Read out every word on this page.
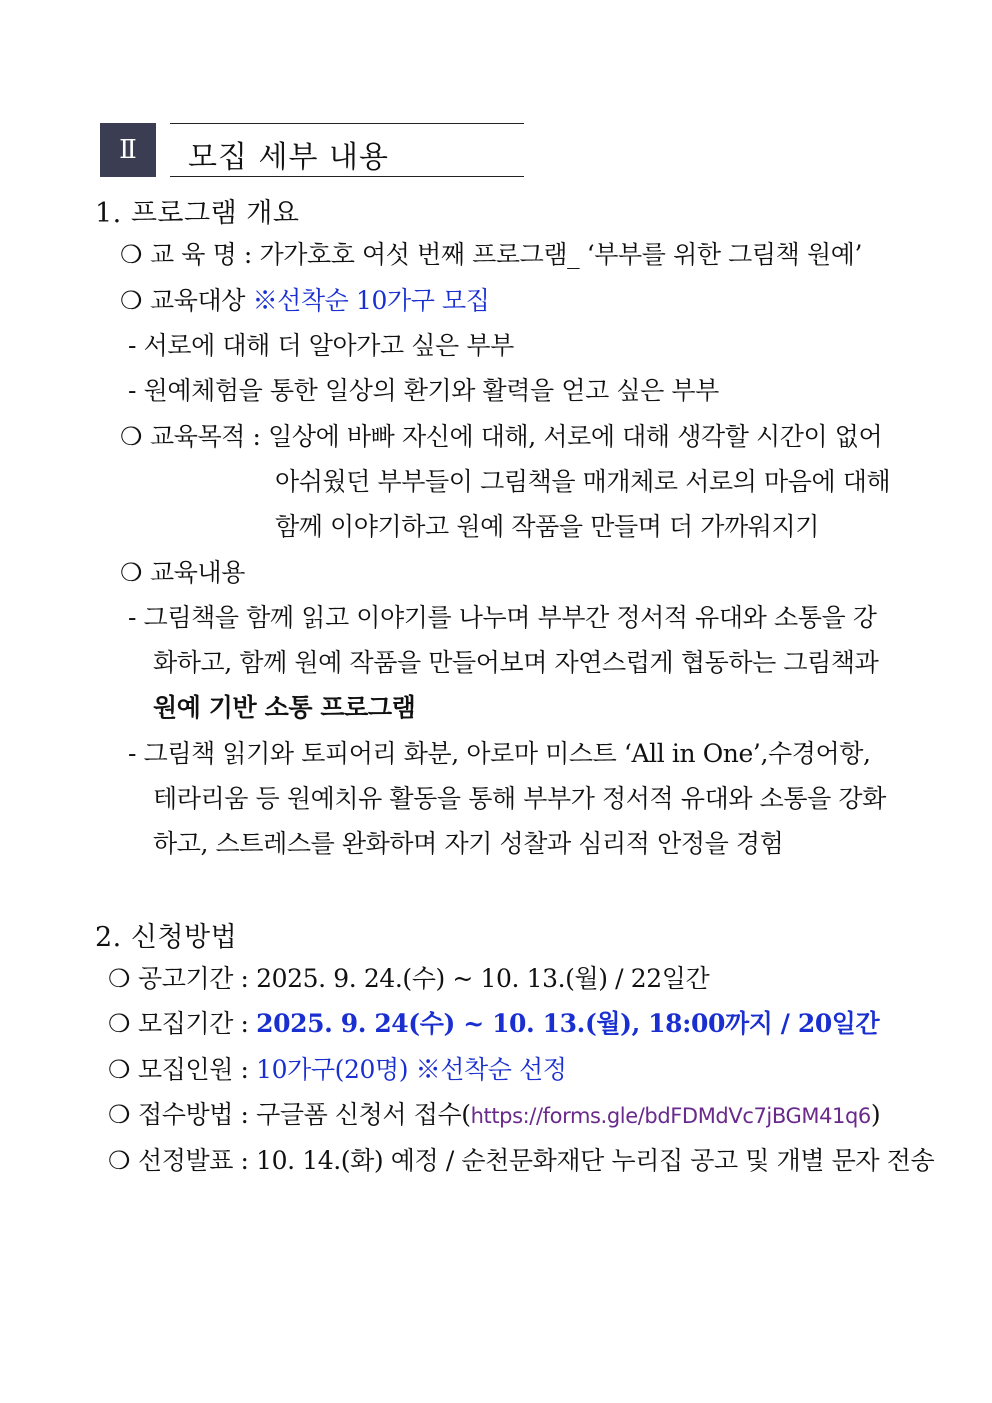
Ⅱ 모집 세부 내용
1. 프로그램 개요
❍ 교 육 명 : 가가호호 여섯 번째 프로그램_ ‘부부를 위한 그림책 원예’
❍ 교육대상 ※선착순 10가구 모집
- 서로에 대해 더 알아가고 싶은 부부
- 원예체험을 통한 일상의 환기와 활력을 얻고 싶은 부부
❍ 교육목적 : 일상에 바빠 자신에 대해, 서로에 대해 생각할 시간이 없어
아쉬웠던 부부들이 그림책을 매개체로 서로의 마음에 대해
함께 이야기하고 원예 작품을 만들며 더 가까워지기
❍ 교육내용
- 그림책을 함께 읽고 이야기를 나누며 부부간 정서적 유대와 소통을 강
화하고, 함께 원예 작품을 만들어보며 자연스럽게 협동하는 그림책과
원예 기반 소통 프로그램
- 그림책 읽기와 토피어리 화분, 아로마 미스트 ‘All in One’,수경어항,
테라리움 등 원예치유 활동을 통해 부부가 정서적 유대와 소통을 강화
하고, 스트레스를 완화하며 자기 성찰과 심리적 안정을 경험
2. 신청방법
❍ 공고기간 : 2025. 9. 24.(수) ~ 10. 13.(월) / 22일간
❍ 모집기간 : 2025. 9. 24(수) ~ 10. 13.(월), 18:00까지 / 20일간
❍ 모집인원 : 10가구(20명) ※선착순 선정
❍ 접수방법 : 구글폼 신청서 접수(https://forms.gle/bdFDMdVc7jBGM41q6)
❍ 선정발표 : 10. 14.(화) 예정 / 순천문화재단 누리집 공고 및 개별 문자 전송
